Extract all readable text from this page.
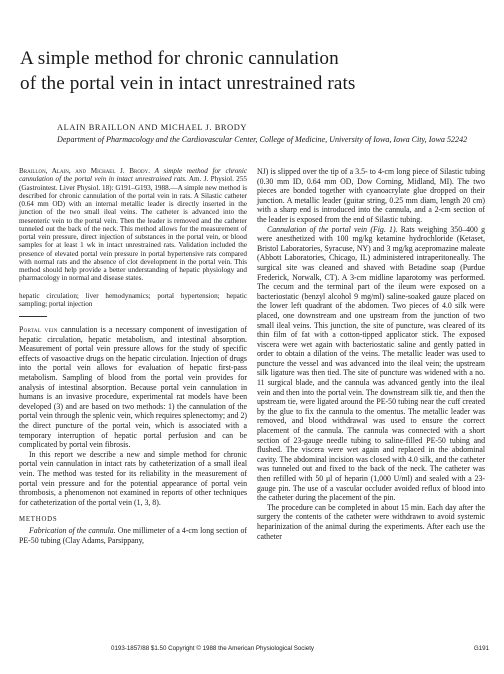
A simple method for chronic cannulation
of the portal vein in intact unrestrained rats
ALAIN BRAILLON AND MICHAEL J. BRODY
Department of Pharmacology and the Cardiovascular Center, College of Medicine, University of Iowa, Iowa City, Iowa 52242

Braillon, Alain, and Michael J. Brody. A simple method for chronic cannulation of the portal vein in intact unrestrained rats. Am. J. Physiol. 255 (Gastrointest. Liver Physiol. 18): G191–G193, 1988.—A simple new method is described for chronic cannulation of the portal vein in rats. A Silastic catheter (0.64 mm OD) with an internal metallic leader is directly inserted in the junction of the two small ileal veins. The catheter is advanced into the mesenteric vein to the portal vein. Then the leader is removed and the catheter tunneled out the back of the neck. This method allows for the measurement of portal vein pressure, direct injection of substances in the portal vein, or blood samples for at least 1 wk in intact unrestrained rats. Validation included the presence of elevated portal vein pressure in portal hypertensive rats compared with normal rats and the absence of clot development in the portal vein. This method should help provide a better understanding of hepatic physiology and pharmacology in normal and disease states.

hepatic circulation; liver hemodynamics; portal hypertension; hepatic sampling; portal injection

Portal vein cannulation is a necessary component of investigation of hepatic circulation, hepatic metabolism, and intestinal absorption. Measurement of portal vein pressure allows for the study of specific effects of vasoactive drugs on the hepatic circulation. Injection of drugs into the portal vein allows for evaluation of hepatic first-pass metabolism. Sampling of blood from the portal vein provides for analysis of intestinal absorption. Because portal vein cannulation in humans is an invasive procedure, experimental rat models have been developed (3) and are based on two methods: 1) the cannulation of the portal vein through the splenic vein, which requires splenectomy; and 2) the direct puncture of the portal vein, which is associated with a temporary interruption of hepatic portal perfusion and can be complicated by portal vein fibrosis.

In this report we describe a new and simple method for chronic portal vein cannulation in intact rats by catheterization of a small ileal vein. The method was tested for its reliability in the measurement of portal vein pressure and for the potential appearance of portal vein thrombosis, a phenomenon not examined in reports of other techniques for catheterization of the portal vein (1, 3, 8).

METHODS

Fabrication of the cannula. One millimeter of a 4-cm long section of PE-50 tubing (Clay Adams, Parsippany,

NJ) is slipped over the tip of a 3.5- to 4-cm long piece of Silastic tubing (0.30 mm ID, 0.64 mm OD, Dow Corning, Midland, MI). The two pieces are bonded together with cyanoacrylate glue dropped on their junction. A metallic leader (guitar string, 0.25 mm diam, length 20 cm) with a sharp end is introduced into the cannula, and a 2-cm section of the leader is exposed from the end of Silastic tubing.

Cannulation of the portal vein (Fig. 1). Rats weighing 350–400 g were anesthetized with 100 mg/kg ketamine hydrochloride (Ketaset, Bristol Laboratories, Syracuse, NY) and 3 mg/kg acepromazine maleate (Abbott Laboratories, Chicago, IL) administered intraperitoneally. The surgical site was cleaned and shaved with Betadine soap (Purdue Frederick, Norwalk, CT). A 3-cm midline laparotomy was performed. The cecum and the terminal part of the ileum were exposed on a bacteriostatic (benzyl alcohol 9 mg/ml) saline-soaked gauze placed on the lower left quadrant of the abdomen. Two pieces of 4.0 silk were placed, one downstream and one upstream from the junction of two small ileal veins. This junction, the site of puncture, was cleared of its thin film of fat with a cotton-tipped applicator stick. The exposed viscera were wet again with bacteriostatic saline and gently patted in order to obtain a dilation of the veins. The metallic leader was used to puncture the vessel and was advanced into the ileal vein; the upstream silk ligature was then tied. The site of puncture was widened with a no. 11 surgical blade, and the cannula was advanced gently into the ileal vein and then into the portal vein. The downstream silk tie, and then the upstream tie, were ligated around the PE-50 tubing near the cuff created by the glue to fix the cannula to the omentus. The metallic leader was removed, and blood withdrawal was used to ensure the correct placement of the cannula. The cannula was connected with a short section of 23-gauge needle tubing to saline-filled PE-50 tubing and flushed. The viscera were wet again and replaced in the abdominal cavity. The abdominal incision was closed with 4.0 silk, and the catheter was tunneled out and fixed to the back of the neck. The catheter was then refilled with 50 μl of heparin (1,000 U/ml) and sealed with a 23-gauge pin. The use of a vascular occluder avoided reflux of blood into the catheter during the placement of the pin.

The procedure can be completed in about 15 min. Each day after the surgery the contents of the catheter were withdrawn to avoid systemic heparinization of the animal during the experiments. After each use the catheter

0193-1857/88 $1.50 Copyright © 1988 the American Physiological Society	G191
